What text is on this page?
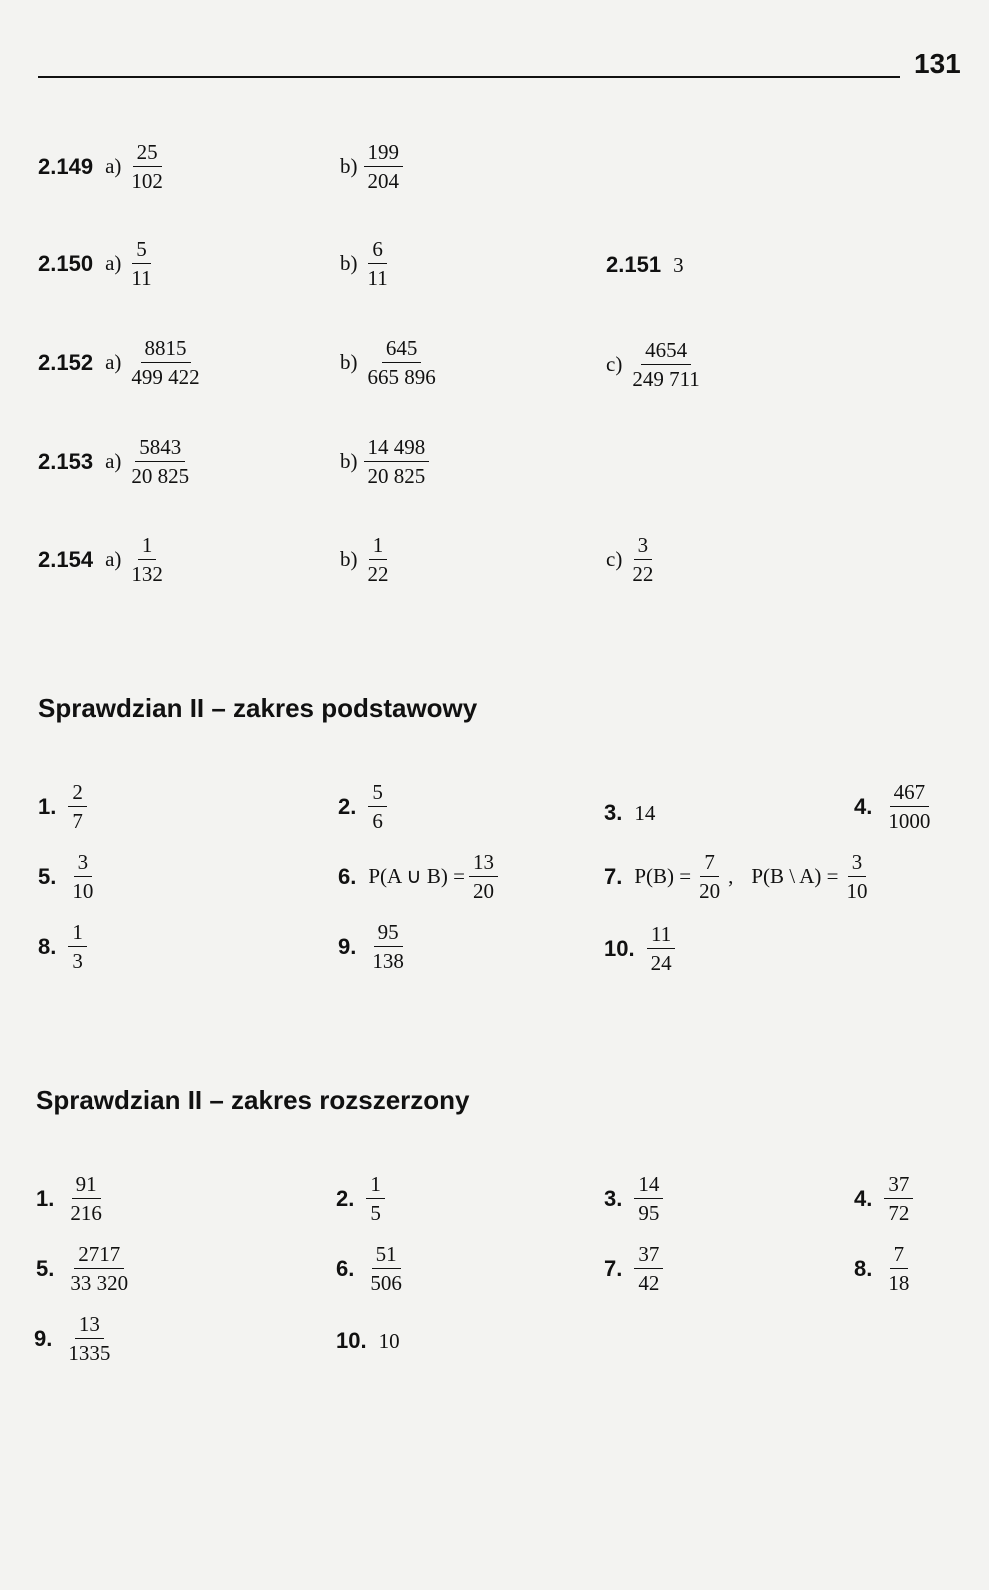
131
2.149 $a) \frac{25}{102}$	$b) \frac{199}{204}$
2.150 $a) \frac{5}{11}$	$b) \frac{6}{11}$	2.151 3
2.152 $a) \frac{8815}{499 422}$	$b) \frac{645}{665 896}$	$c) \frac{4654}{249 711}$
2.153 $a) \frac{5843}{20 825}$	$b) \frac{14 498}{20 825}$
2.154 $a) \frac{1}{132}$	$b) \frac{1}{22}$	$c) \frac{3}{22}$
Sprawdzian II – zakres podstawowy
1. $\frac{2}{7}$	2. $\frac{5}{6}$	3. 14	4. $\frac{467}{1000}$
5. $\frac{3}{10}$	6. P(A ∪ $B) = \frac{13}{20}$	7. $P(B) = \frac{7}{20}$ , P(B \ $A) = \frac{3}{10}$
8. $\frac{1}{3}$	9. $\frac{95}{138}$	10. $\frac{11}{24}$
Sprawdzian II – zakres rozszerzony
1. $\frac{91}{216}$	2. $\frac{1}{5}$	3. $\frac{14}{95}$	4. $\frac{37}{72}$
5. $\frac{2717}{33 320}$	6. $\frac{51}{506}$	7. $\frac{37}{42}$	8. $\frac{7}{18}$
9. $\frac{13}{1335}$	10. 10
